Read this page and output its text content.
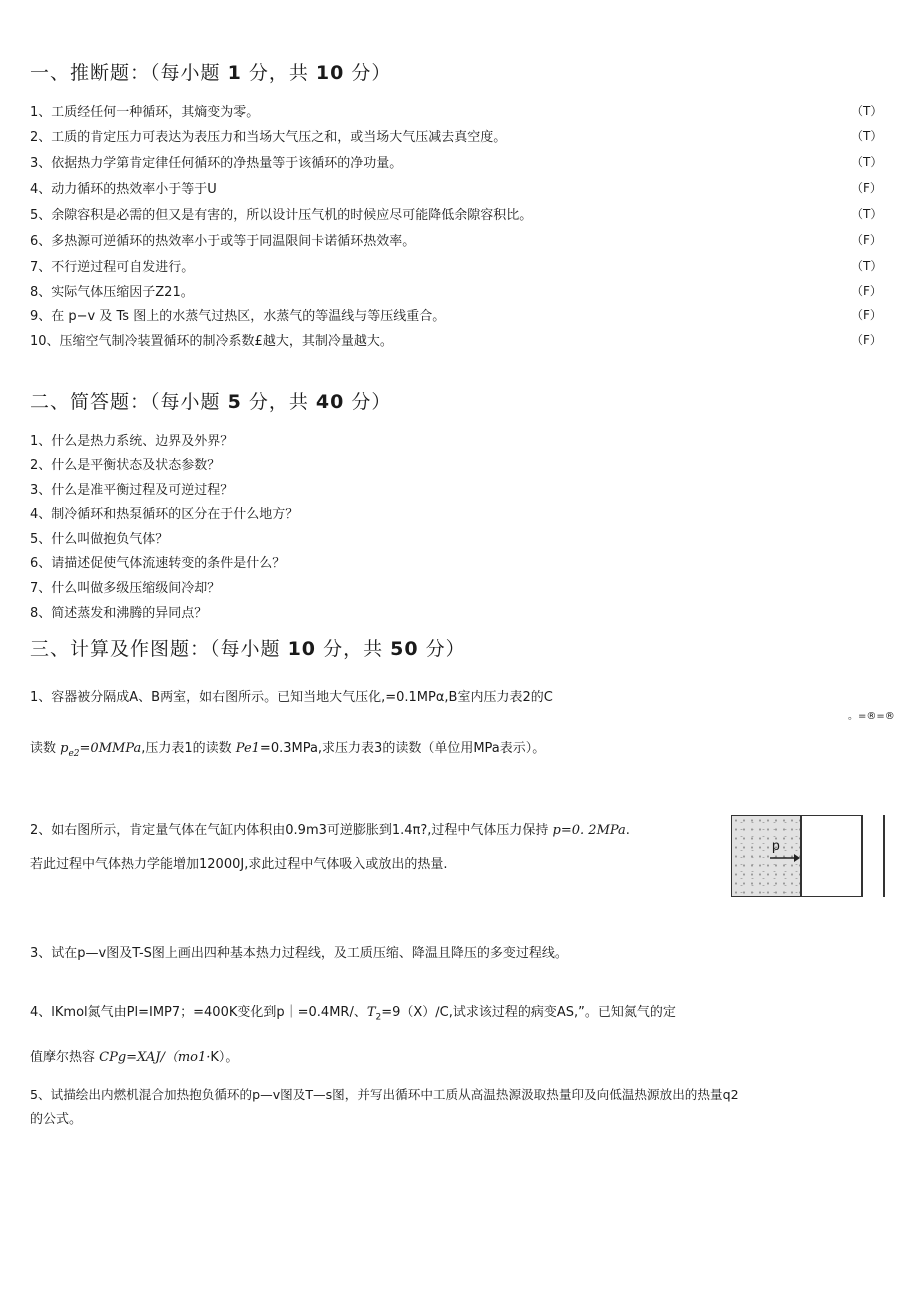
一、推断题：（每小题 1 分，共 10 分）
1、工质经任何一种循环，其熵变为零。	（T）
2、工质的肯定压力可表达为表压力和当场大气压之和，或当场大气压减去真空度。	（T）
3、依据热力学第肯定律任何循环的净热量等于该循环的净功量。	（T）
4、动力循环的热效率小于等于U	（F）
5、余隙容积是必需的但又是有害的，所以设计压气机的时候应尽可能降低余隙容积比。	（T）
6、多热源可逆循环的热效率小于或等于同温限间卡诺循环热效率。	（F）
7、不行逆过程可自发进行。	（T）
8、实际气体压缩因子Z21。	（F）
9、在 p−v 及 Ts 图上的水蒸气过热区，水蒸气的等温线与等压线重合。	（F）
10、压缩空气制冷装置循环的制冷系数£越大，其制冷量越大。	（F）
二、简答题：（每小题 5 分，共 40 分）
1、什么是热力系统、边界及外界？
2、什么是平衡状态及状态参数？
3、什么是准平衡过程及可逆过程？
4、制冷循环和热泵循环的区分在于什么地方？
5、什么叫做抱负气体？
6、请描述促使气体流速转变的条件是什么？
7、什么叫做多级压缩级间冷却？
8、简述蒸发和沸腾的异同点？
三、计算及作图题：（每小题 10 分，共 50 分）
1、容器被分隔成A、B两室，如右图所示。已知当地大气压化,=0.1MPα,B室内压力表2的C
。=®=®
读数 $p_{e2}=0MMPa$,压力表1的读数 Pe1=0.3MPa,求压力表3的读数（单位用MPa表示）。
2、如右图所示，肯定量气体在气缸内体积由0.9m3可逆膨胀到1.4π?,过程中气体压力保持 p=0. 2MPa.
若此过程中气体热力学能增加12000J,求此过程中气体吸入或放出的热量.
p
3、试在p—v图及T-S图上画出四种基本热力过程线，及工质压缩、降温且降压的多变过程线。
4、lKmol氮气由Pl=IMP7；=400K变化到p｜=0.4MR/、$T_2=9(X)∕C$,试求该过程的病变AS,”。已知氮气的定
值摩尔热容 CPg=XAJ/（mo1·K）。
5、试描绘出内燃机混合加热抱负循环的p—v图及T—s图，并写出循环中工质从高温热源汲取热量印及向低温热源放出的热量q2
的公式。
